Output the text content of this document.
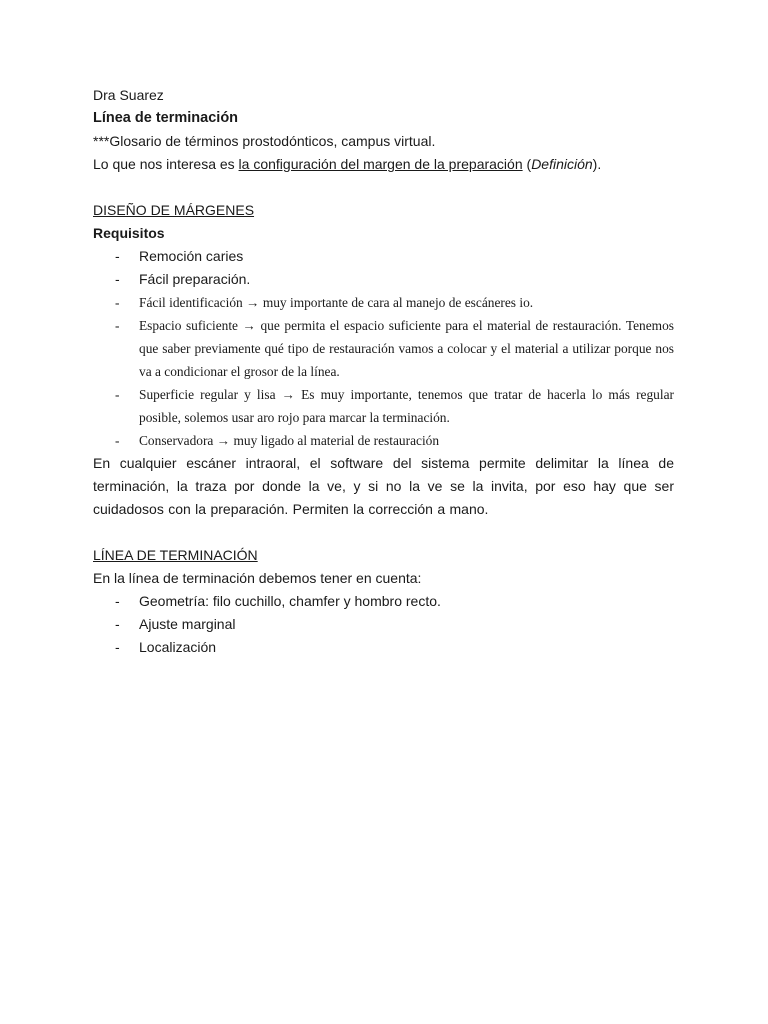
Dra Suarez
Línea de terminación
***Glosario de términos prostodónticos, campus virtual.
Lo que nos interesa es la configuración del margen de la preparación (Definición).
DISEÑO DE MÁRGENES
Requisitos
- Remoción caries
- Fácil preparación.
- Fácil identificación → muy importante de cara al manejo de escáneres io.
- Espacio suficiente → que permita el espacio suficiente para el material de restauración. Tenemos que saber previamente qué tipo de restauración vamos a colocar y el material a utilizar porque nos va a condicionar el grosor de la línea.
- Superficie regular y lisa → Es muy importante, tenemos que tratar de hacerla lo más regular posible, solemos usar aro rojo para marcar la terminación.
- Conservadora → muy ligado al material de restauración
En cualquier escáner intraoral, el software del sistema permite delimitar la línea de terminación, la traza por donde la ve, y si no la ve se la invita, por eso hay que ser cuidadosos con la preparación. Permiten la corrección a mano.
LÍNEA DE TERMINACIÓN
En la línea de terminación debemos tener en cuenta:
- Geometría: filo cuchillo, chamfer y hombro recto.
- Ajuste marginal
- Localización
